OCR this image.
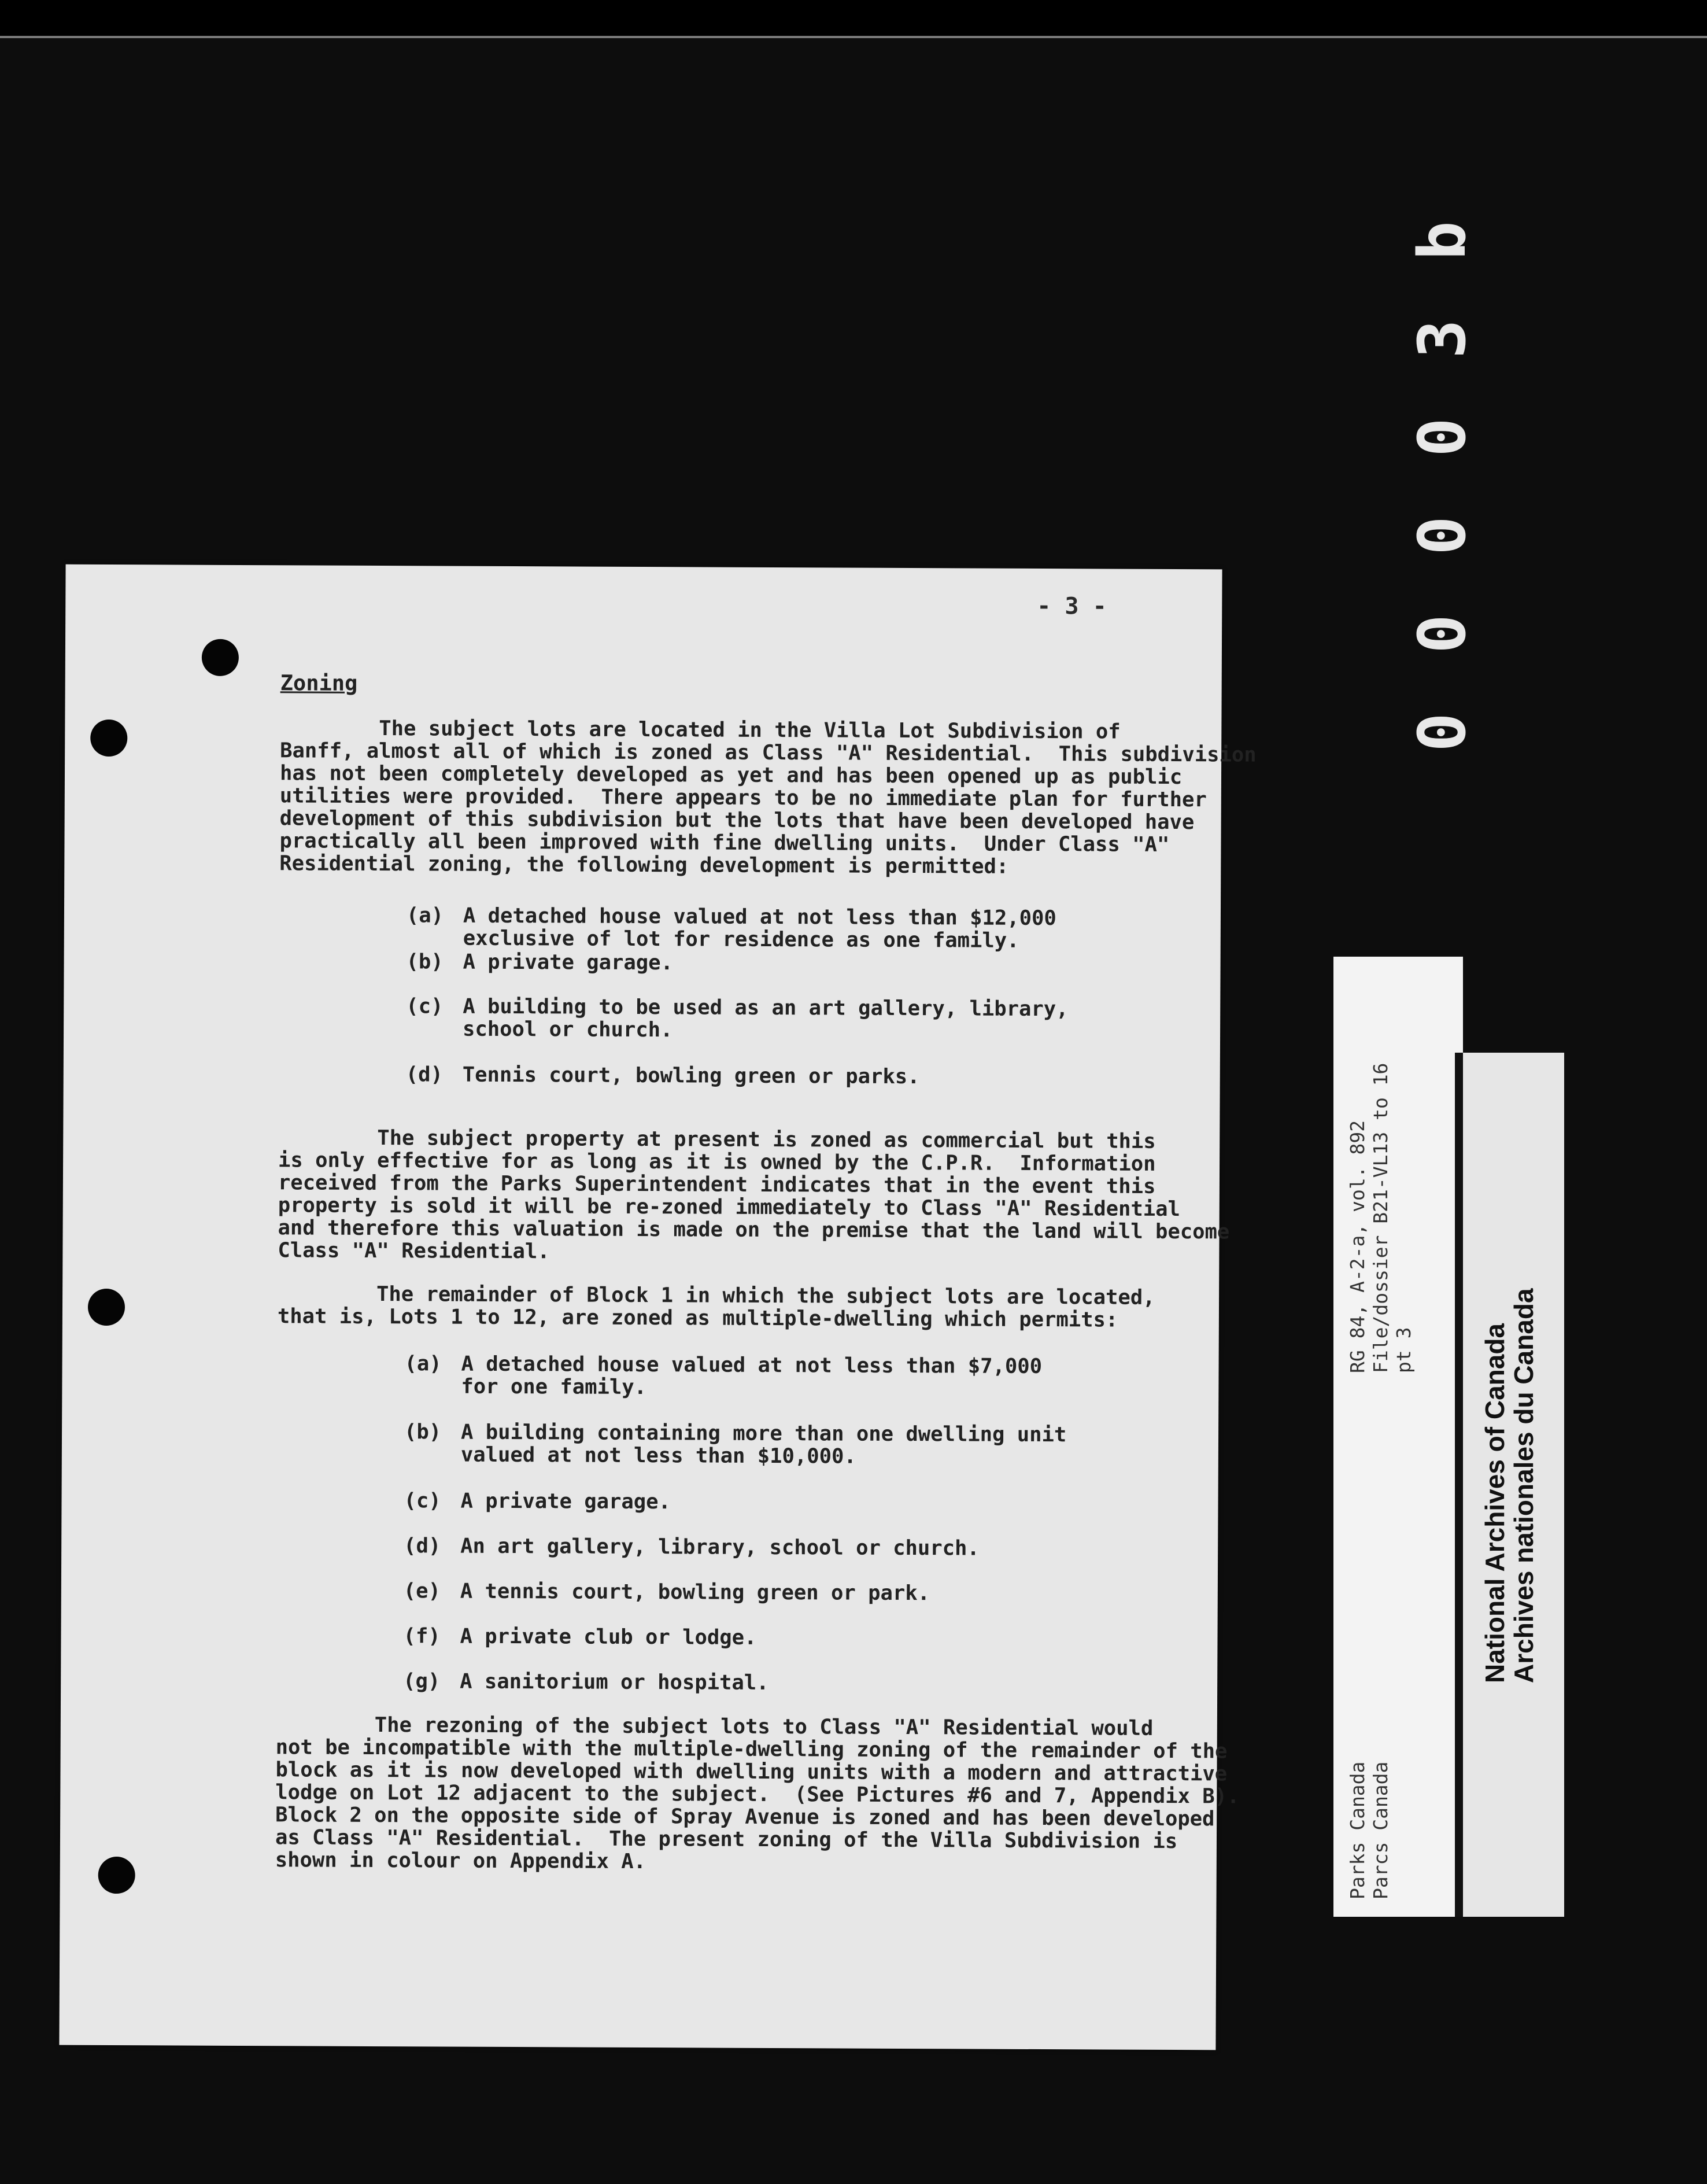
b
3
0
0
0
0
- 3 -
Zoning
The subject lots are located in the Villa Lot Subdivision of
Banff, almost all of which is zoned as Class "A" Residential.  This subdivision
has not been completely developed as yet and has been opened up as public
utilities were provided.  There appears to be no immediate plan for further
development of this subdivision but the lots that have been developed have
practically all been improved with fine dwelling units.  Under Class "A"
Residential zoning, the following development is permitted:
(a) A detached house valued at not less than $12,000
exclusive of lot for residence as one family.
(b) A private garage.
(c) A building to be used as an art gallery, library,
school or church.
(d) Tennis court, bowling green or parks.
The subject property at present is zoned as commercial but this
is only effective for as long as it is owned by the C.P.R.  Information
received from the Parks Superintendent indicates that in the event this
property is sold it will be re-zoned immediately to Class "A" Residential
and therefore this valuation is made on the premise that the land will become
Class "A" Residential.
The remainder of Block 1 in which the subject lots are located,
that is, Lots 1 to 12, are zoned as multiple-dwelling which permits:
(a) A detached house valued at not less than $7,000
for one family.
(b) A building containing more than one dwelling unit
valued at not less than $10,000.
(c) A private garage.
(d) An art gallery, library, school or church.
(e) A tennis court, bowling green or park.
(f) A private club or lodge.
(g) A sanitorium or hospital.
The rezoning of the subject lots to Class "A" Residential would
not be incompatible with the multiple-dwelling zoning of the remainder of the
block as it is now developed with dwelling units with a modern and attractive
lodge on Lot 12 adjacent to the subject.  (See Pictures #6 and 7, Appendix B).
Block 2 on the opposite side of Spray Avenue is zoned and has been developed
as Class "A" Residential.  The present zoning of the Villa Subdivision is
shown in colour on Appendix A.
RG 84, A-2-a, vol. 892
File/dossier B21-VL13 to 16
pt 3
Parks Canada
Parcs Canada
National Archives of Canada
Archives nationales du Canada
